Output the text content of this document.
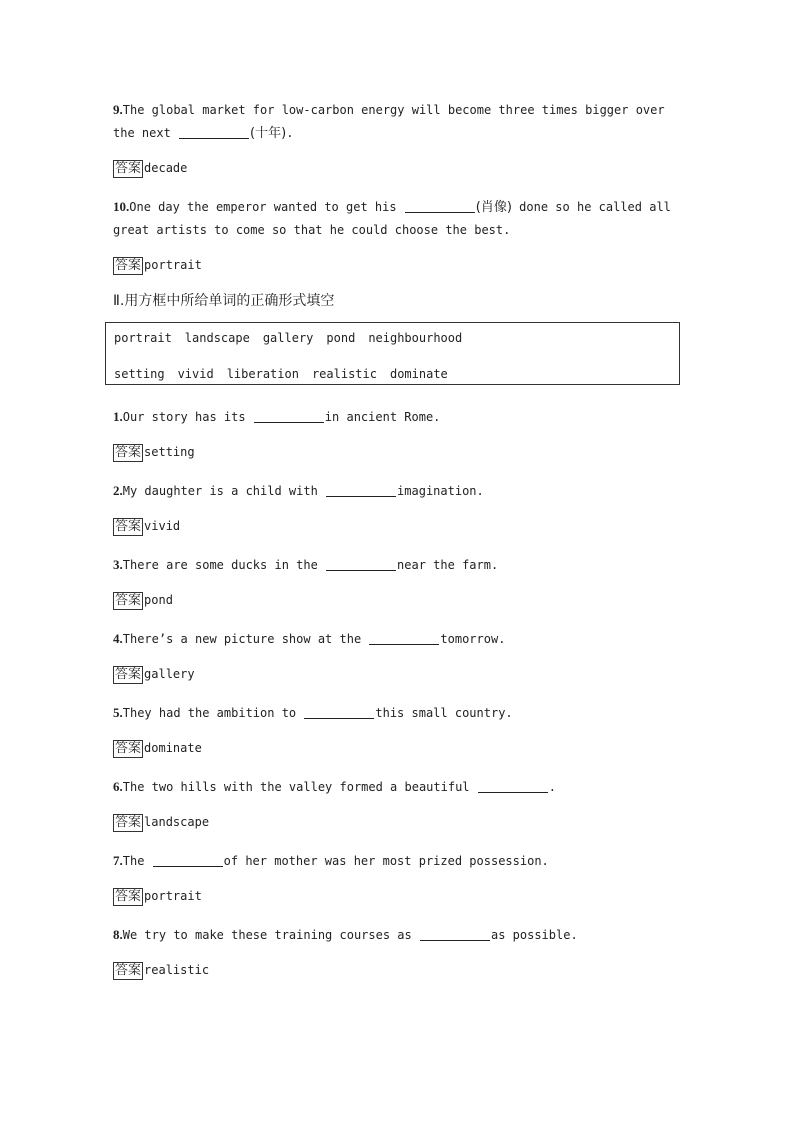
9.The global market for low-carbon energy will become three times bigger over the next	(十年).

答案 decade

10.One day the emperor wanted to get his	(肖像) done so he called all great artists to come so that he could choose the best.

答案 portrait

Ⅱ.用方框中所给单词的正确形式填空
portrait landscape gallery pond neighbourhood
setting vivid liberation realistic dominate

1.Our story has its	in ancient Rome.

答案 setting

2.My daughter is a child with	imagination.

答案 vivid

3.There are some ducks in the	near the farm.

答案 pond

4.There’s a new picture show at the	tomorrow.

答案 gallery

5.They had the ambition to	this small country.

答案 dominate

6.The two hills with the valley formed a beautiful	.

答案 landscape

7.The	of her mother was her most prized possession.

答案 portrait

8.We try to make these training courses as	as possible.

答案 realistic
